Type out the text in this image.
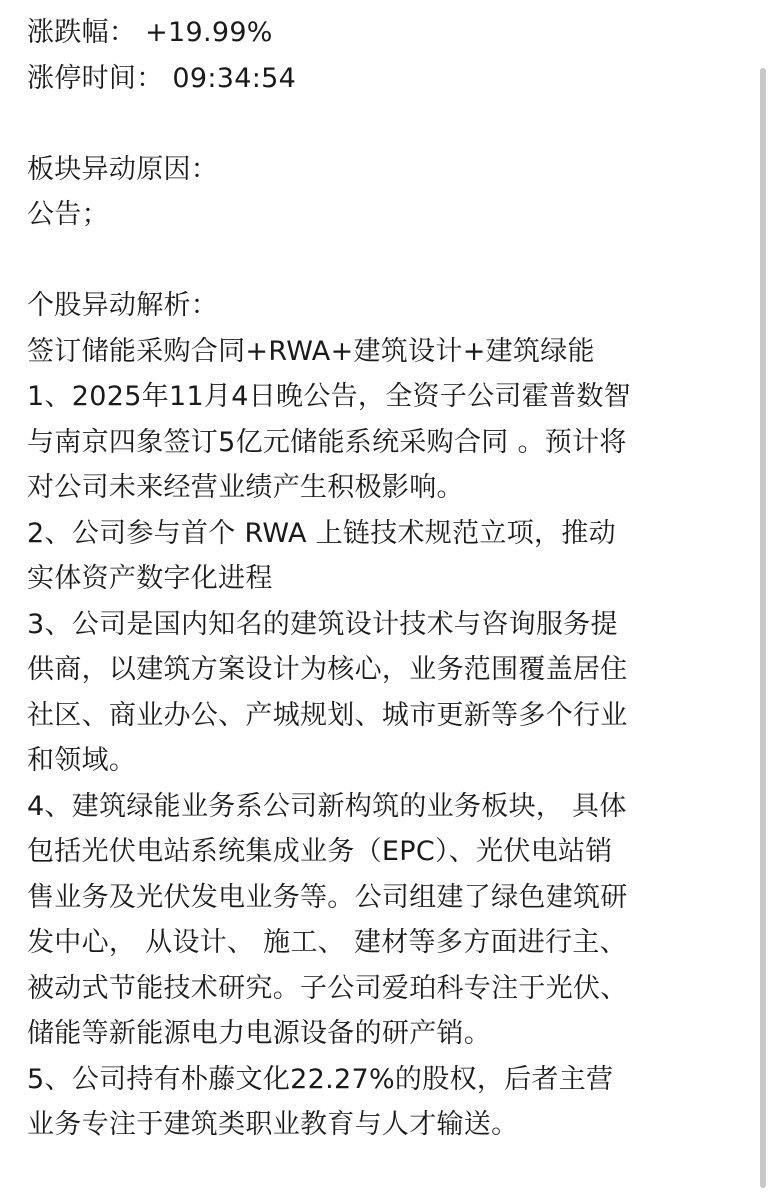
涨跌幅： +19.99%
涨停时间： 09:34:54
板块异动原因：
公告；
个股异动解析：
签订储能采购合同+RWA+建筑设计+建筑绿能
1、2025年11月4日晚公告，全资子公司霍普数智
与南京四象签订5亿元储能系统采购合同 。预计将
对公司未来经营业绩产生积极影响。
2、公司参与首个 RWA 上链技术规范立项，推动
实体资产数字化进程
3、公司是国内知名的建筑设计技术与咨询服务提
供商，以建筑方案设计为核心，业务范围覆盖居住
社区、商业办公、产城规划、城市更新等多个行业
和领域。
4、建筑绿能业务系公司新构筑的业务板块， 具体
包括光伏电站系统集成业务（EPC）、光伏电站销
售业务及光伏发电业务等。公司组建了绿色建筑研
发中心， 从设计、 施工、 建材等多方面进行主、
被动式节能技术研究。子公司爱珀科专注于光伏、
储能等新能源电力电源设备的研产销。
5、公司持有朴藤文化22.27%的股权，后者主营
业务专注于建筑类职业教育与人才输送。
